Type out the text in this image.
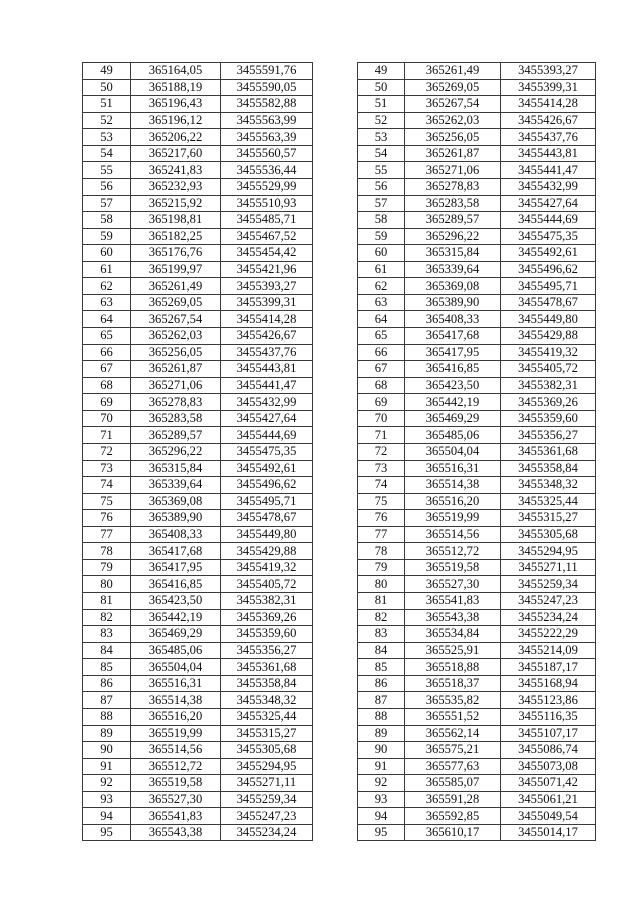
49	365164,05	3455591,76
50	365188,19	3455590,05
51	365196,43	3455582,88
52	365196,12	3455563,99
53	365206,22	3455563,39
54	365217,60	3455560,57
55	365241,83	3455536,44
56	365232,93	3455529,99
57	365215,92	3455510,93
58	365198,81	3455485,71
59	365182,25	3455467,52
60	365176,76	3455454,42
61	365199,97	3455421,96
62	365261,49	3455393,27
63	365269,05	3455399,31
64	365267,54	3455414,28
65	365262,03	3455426,67
66	365256,05	3455437,76
67	365261,87	3455443,81
68	365271,06	3455441,47
69	365278,83	3455432,99
70	365283,58	3455427,64
71	365289,57	3455444,69
72	365296,22	3455475,35
73	365315,84	3455492,61
74	365339,64	3455496,62
75	365369,08	3455495,71
76	365389,90	3455478,67
77	365408,33	3455449,80
78	365417,68	3455429,88
79	365417,95	3455419,32
80	365416,85	3455405,72
81	365423,50	3455382,31
82	365442,19	3455369,26
83	365469,29	3455359,60
84	365485,06	3455356,27
85	365504,04	3455361,68
86	365516,31	3455358,84
87	365514,38	3455348,32
88	365516,20	3455325,44
89	365519,99	3455315,27
90	365514,56	3455305,68
91	365512,72	3455294,95
92	365519,58	3455271,11
93	365527,30	3455259,34
94	365541,83	3455247,23
95	365543,38	3455234,24
49	365261,49	3455393,27
50	365269,05	3455399,31
51	365267,54	3455414,28
52	365262,03	3455426,67
53	365256,05	3455437,76
54	365261,87	3455443,81
55	365271,06	3455441,47
56	365278,83	3455432,99
57	365283,58	3455427,64
58	365289,57	3455444,69
59	365296,22	3455475,35
60	365315,84	3455492,61
61	365339,64	3455496,62
62	365369,08	3455495,71
63	365389,90	3455478,67
64	365408,33	3455449,80
65	365417,68	3455429,88
66	365417,95	3455419,32
67	365416,85	3455405,72
68	365423,50	3455382,31
69	365442,19	3455369,26
70	365469,29	3455359,60
71	365485,06	3455356,27
72	365504,04	3455361,68
73	365516,31	3455358,84
74	365514,38	3455348,32
75	365516,20	3455325,44
76	365519,99	3455315,27
77	365514,56	3455305,68
78	365512,72	3455294,95
79	365519,58	3455271,11
80	365527,30	3455259,34
81	365541,83	3455247,23
82	365543,38	3455234,24
83	365534,84	3455222,29
84	365525,91	3455214,09
85	365518,88	3455187,17
86	365518,37	3455168,94
87	365535,82	3455123,86
88	365551,52	3455116,35
89	365562,14	3455107,17
90	365575,21	3455086,74
91	365577,63	3455073,08
92	365585,07	3455071,42
93	365591,28	3455061,21
94	365592,85	3455049,54
95	365610,17	3455014,17
